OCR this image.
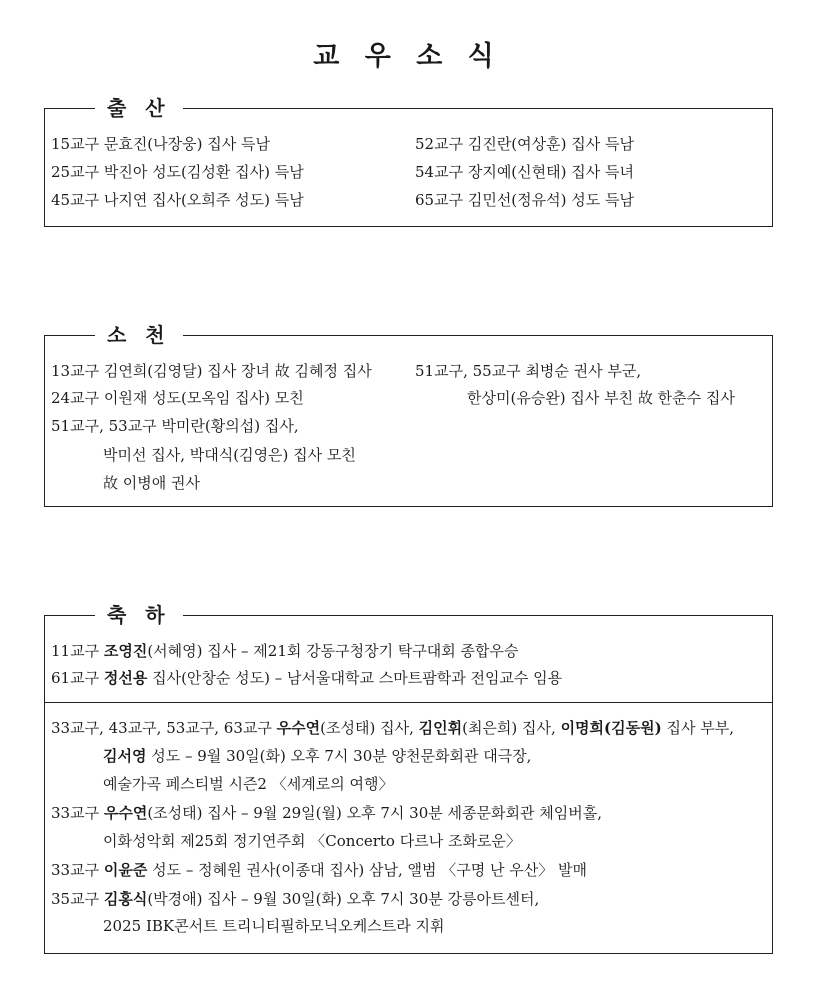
교 우 소 식
출 산
15교구 문효진(나장웅) 집사 득남
25교구 박진아 성도(김성환 집사) 득남
45교구 나지연 집사(오희주 성도) 득남
52교구 김진란(여상훈) 집사 득남
54교구 장지예(신현태) 집사 득녀
65교구 김민선(정유석) 성도 득남
소 천
13교구 김연희(김영달) 집사 장녀 故 김혜정 집사
24교구 이원재 성도(모옥임 집사) 모친
51교구, 53교구 박미란(황의섭) 집사,
박미선 집사, 박대식(김영은) 집사 모친
故 이병애 권사
51교구, 55교구 최병순 권사 부군,
한상미(유승완) 집사 부친 故 한춘수 집사
축 하
11교구 조영진(서혜영) 집사 – 제21회 강동구청장기 탁구대회 종합우승
61교구 정선용 집사(안창순 성도) – 남서울대학교 스마트팜학과 전임교수 임용
33교구, 43교구, 53교구, 63교구 우수연(조성태) 집사, 김인휘(최은희) 집사, 이명희(김동원) 집사 부부,
김서영 성도 – 9월 30일(화) 오후 7시 30분 양천문화회관 대극장,
예술가곡 페스티벌 시즌2 〈세계로의 여행〉
33교구 우수연(조성태) 집사 – 9월 29일(월) 오후 7시 30분 세종문화회관 체임버홀,
이화성악회 제25회 정기연주회 〈Concerto 다르나 조화로운〉
33교구 이윤준 성도 – 정혜원 권사(이종대 집사) 삼남, 앨범 〈구명 난 우산〉 발매
35교구 김홍식(박경애) 집사 – 9월 30일(화) 오후 7시 30분 강릉아트센터,
2025 IBK콘서트 트리니티필하모닉오케스트라 지휘
